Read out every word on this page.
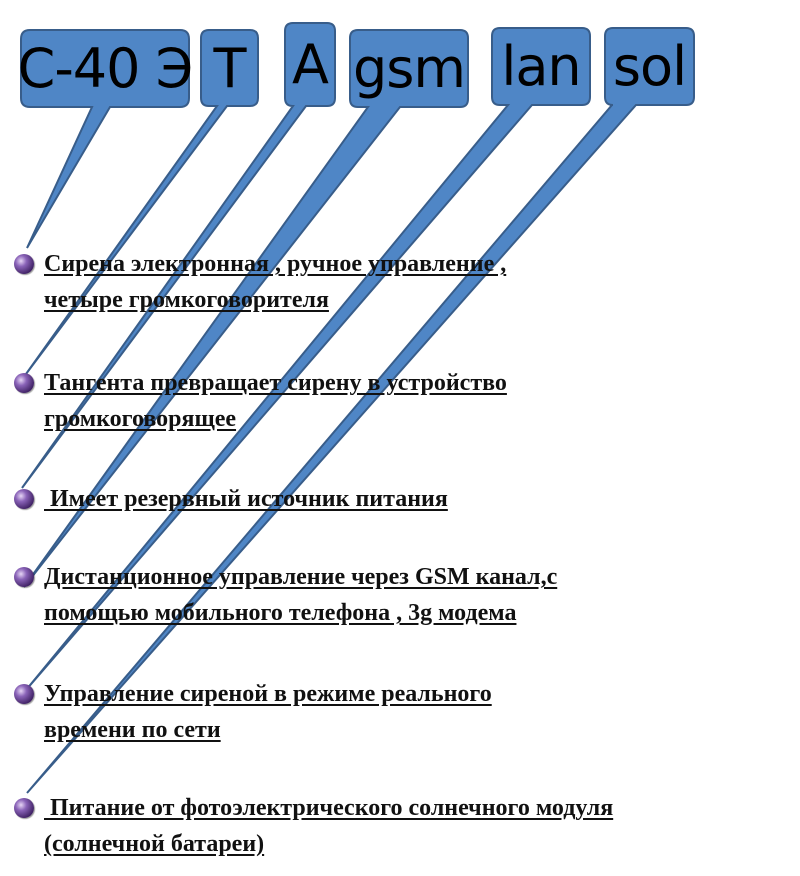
С-40 Э Т А gsm lan sol
Сирена электронная , ручное управление ,
четыре громкоговорителя
Тангента превращает сирену в устройство
громкоговорящее
Имеет резервный источник питания
Дистанционное управление через GSM канал,с
помощью мобильного телефона , 3g модема
Управление сиреной в режиме реального
времени по сети
Питание от фотоэлектрического солнечного модуля
(солнечной батареи)
